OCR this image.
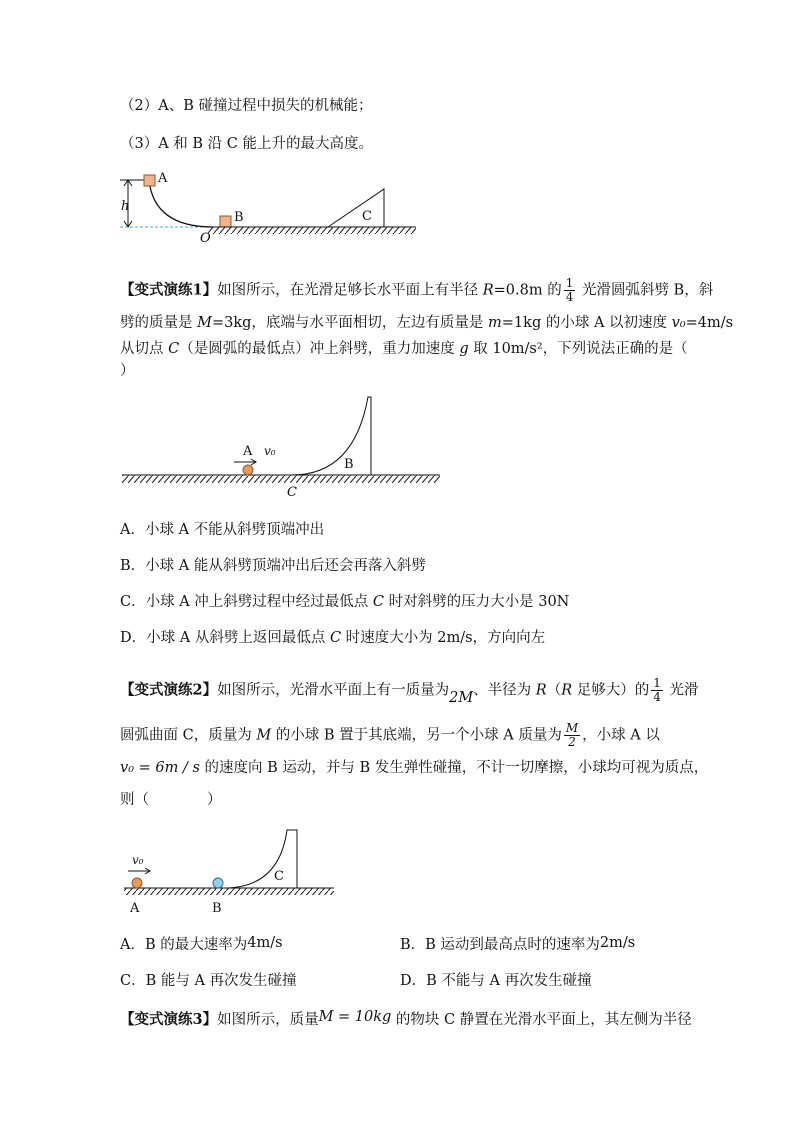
（2）A、B 碰撞过程中损失的机械能；
（3）A 和 B 沿 C 能上升的最大高度。
h
A
B
O
C
【变式演练1】如图所示，在光滑足够长水平面上有半径 R=0.8m 的 $\frac{1}{4}$ 光滑圆弧斜劈 B，斜
劈的质量是 M=3kg，底端与水平面相切，左边有质量是 m=1kg 的小球 A 以初速度 v₀=4m/s
从切点 C（是圆弧的最低点）冲上斜劈，重力加速度 g 取 10m/s²，下列说法正确的是（
）
B
A v₀
C
A．小球 A 不能从斜劈顶端冲出
B．小球 A 能从斜劈顶端冲出后还会再落入斜劈
C．小球 A 冲上斜劈过程中经过最低点 C 时对斜劈的压力大小是 30N
D．小球 A 从斜劈上返回最低点 C 时速度大小为 2m/s，方向向左
【变式演练2】如图所示，光滑水平面上有一质量为2M、半径为 R（R 足够大）的 $\frac{1}{4}$ 光滑
圆弧曲面 C，质量为 M 的小球 B 置于其底端，另一个小球 A 质量为 $\frac{M}{2}$ ，小球 A 以
v₀ = 6m / s 的速度向 B 运动，并与 B 发生弹性碰撞，不计一切摩擦，小球均可视为质点，
则（　　　　）
C
A
v₀
B
A．B 的最大速率为4m/s	B．B 运动到最高点时的速率为2m/s
C．B 能与 A 再次发生碰撞	D．B 不能与 A 再次发生碰撞
【变式演练3】如图所示，质量M = 10kg 的物块 C 静置在光滑水平面上，其左侧为半径
